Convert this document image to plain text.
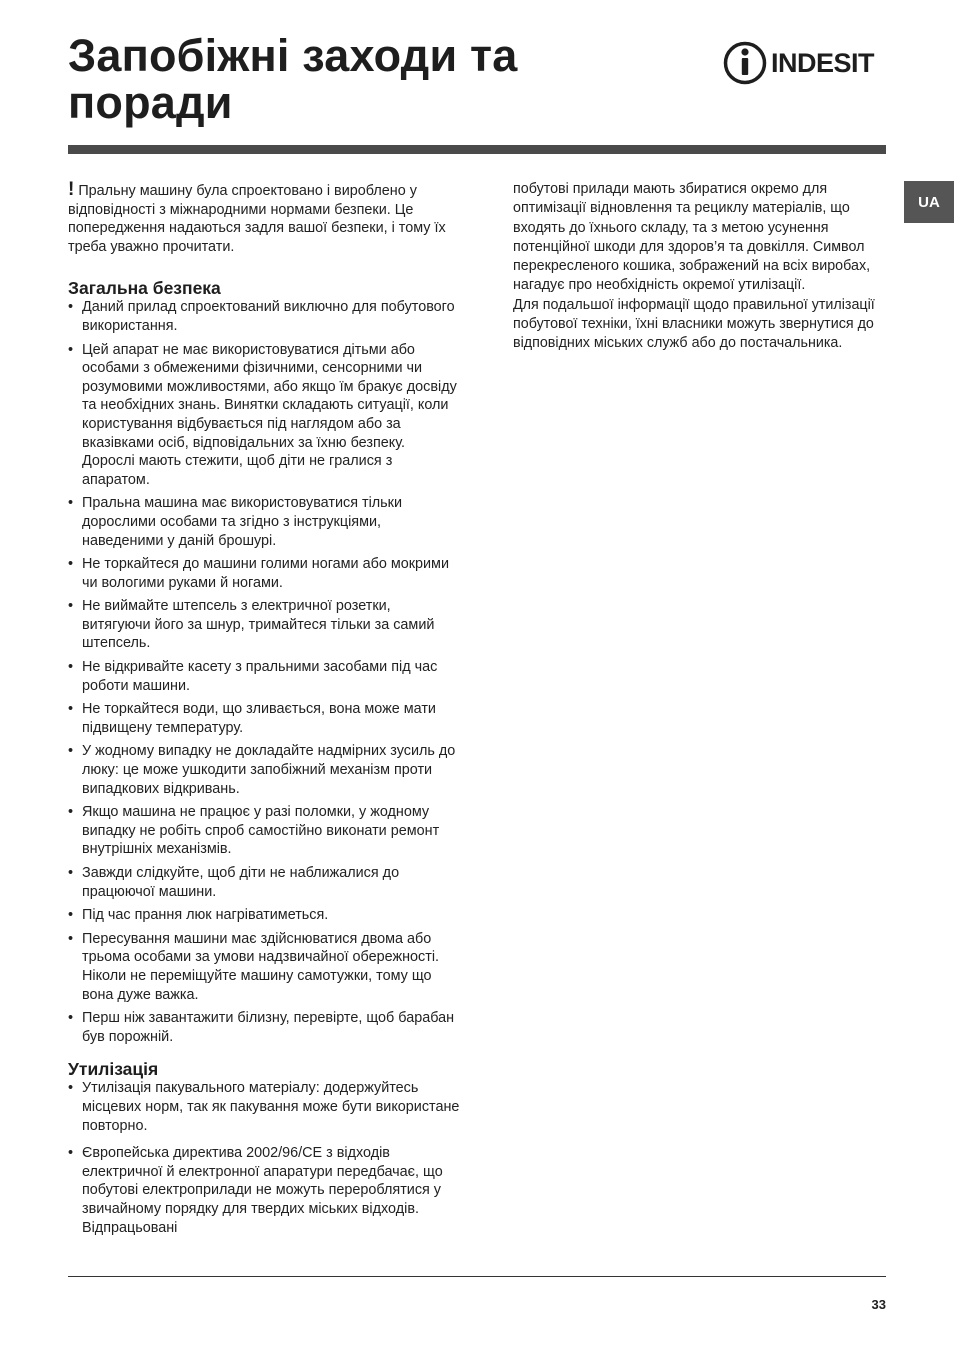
Запобіжні заходи та
поради
INDESIT
UA

! Пральну машину була спроектовано і вироблено у відповідності з міжнародними нормами безпеки. Це попередження надаються задля вашої безпеки, і тому їх треба уважно прочитати.

Загальна безпека
• Даний прилад спроектований виключно для побутового використання.
• Цей апарат не має використовуватися дітьми або особами з обмеженими фізичними, сенсорними чи розумовими можливостями, або якщо їм бракує досвіду та необхідних знань. Винятки складають ситуації, коли користування відбувається під наглядом або за вказівками осіб, відповідальних за їхню безпеку. Дорослі мають стежити, щоб діти не гралися з апаратом.
• Пральна машина має використовуватися тільки дорослими особами та згідно з інструкціями, наведеними у даній брошурі.
• Не торкайтеся до машини голими ногами або мокрими чи вологими руками й ногами.
• Не виймайте штепсель з електричної розетки, витягуючи його за шнур, тримайтеся тільки за самий штепсель.
• Не відкривайте касету з пральними засобами під час роботи машини.
• Не торкайтеся води, що зливається, вона може мати підвищену температуру.
• У жодному випадку не докладайте надмірних зусиль до люку: це може ушкодити запобіжний механізм проти випадкових відкривань.
• Якщо машина не працює у разі поломки, у жодному випадку не робіть спроб самостійно виконати ремонт внутрішніх механізмів.
• Завжди слідкуйте, щоб діти не наближалися до працюючої машини.
• Під час прання люк нагріватиметься.
• Пересування машини має здійснюватися двома або трьома особами за умови надзвичайної обережності. Ніколи не переміщуйте машину самотужки, тому що вона дуже важка.
• Перш ніж завантажити білизну, перевірте, щоб барабан був порожній.
Утилізація
• Утилізація пакувального матеріалу: додержуйтесь місцевих норм, так як пакування може бути використане повторно.
• Європейська директива 2002/96/CE з відходів електричної й електронної апаратури передбачає, що побутові електроприлади не можуть перероблятися у звичайному порядку для твердих міських відходів. Відпрацьовані

побутові прилади мають збиратися окремо для оптимізації відновлення та рециклу матеріалів, що входять до їхнього складу, та з метою усунення потенційної шкоди для здоров’я та довкілля. Символ перекресленого кошика, зображений на всіх виробах, нагадує про необхідність окремої утилізації.

Для подальшої інформації щодо правильної утилізації побутової техніки, їхні власники можуть звернутися до відповідних міських служб або до постачальника.

33
